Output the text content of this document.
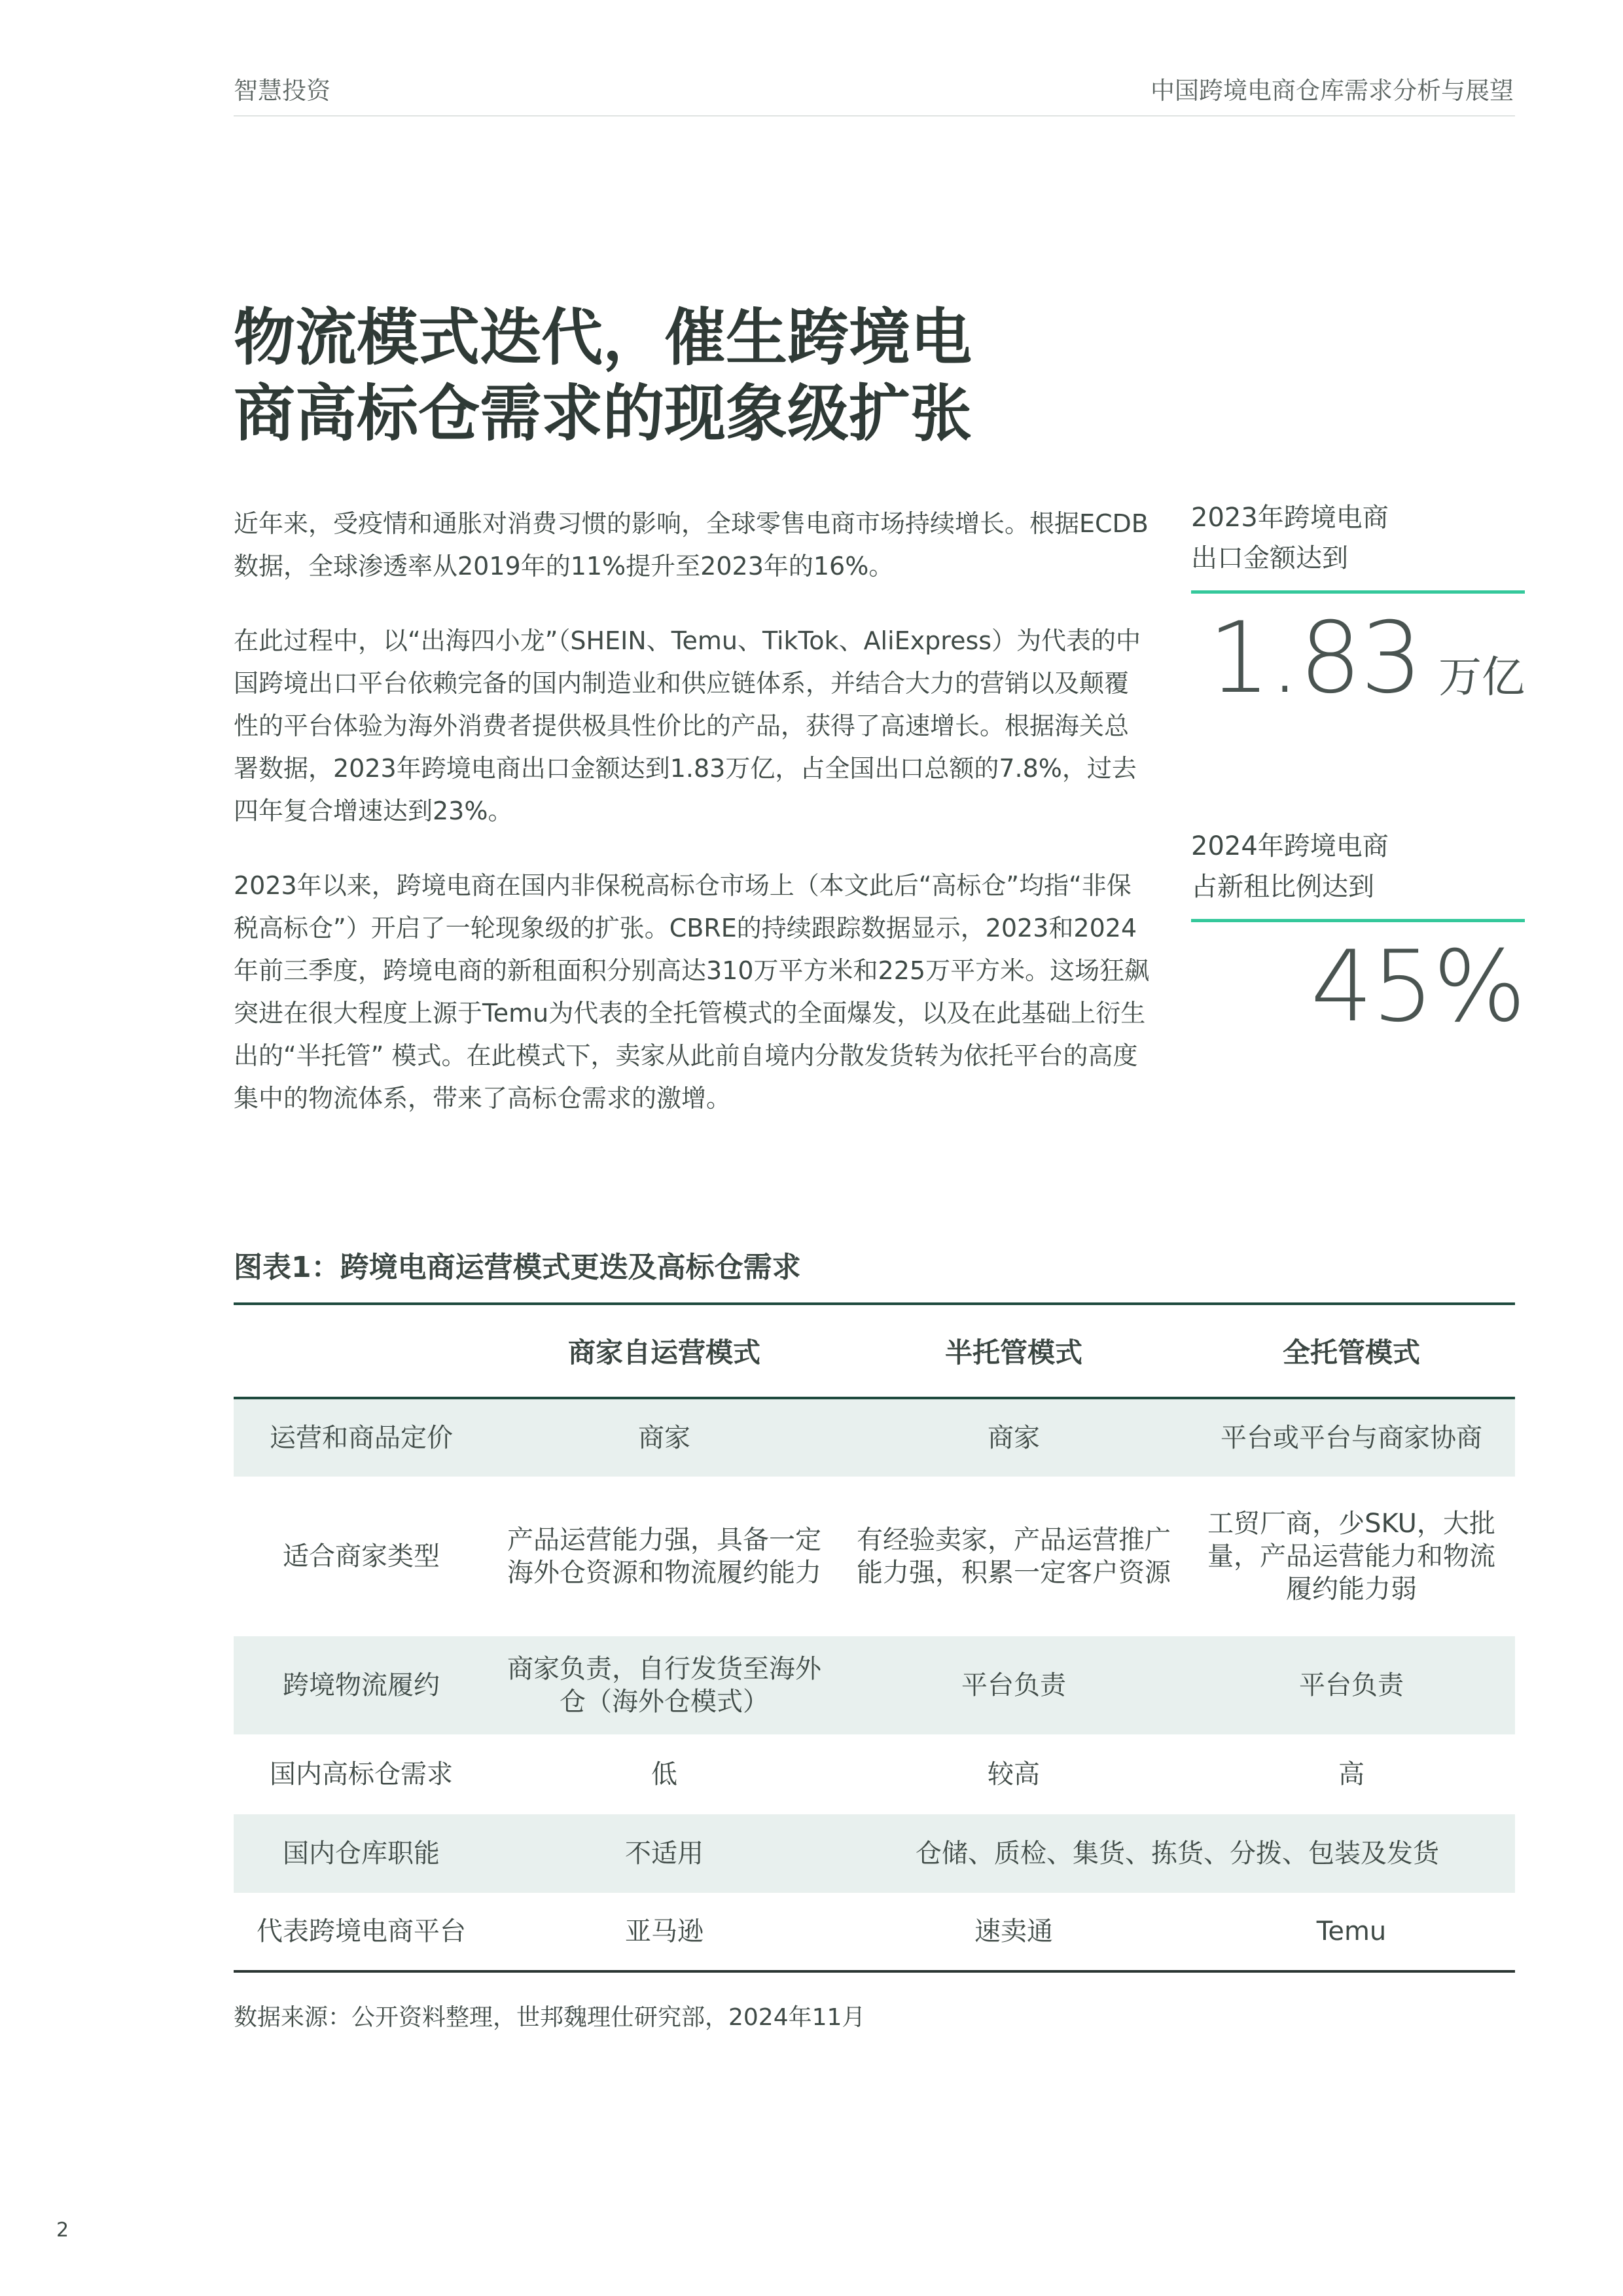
智慧投资	中国跨境电商仓库需求分析与展望
物流模式迭代，催生跨境电
商高标仓需求的现象级扩张

近年来，受疫情和通胀对消费习惯的影响，全球零售电商市场持续增长。根据ECDB数据，全球渗透率从2019年的11%提升至2023年的16%。

在此过程中，以“出海四小龙”（SHEIN、Temu、TikTok、AliExpress）为代表的中国跨境出口平台依赖完备的国内制造业和供应链体系，并结合大力的营销以及颠覆性的平台体验为海外消费者提供极具性价比的产品，获得了高速增长。根据海关总署数据，2023年跨境电商出口金额达到1.83万亿，占全国出口总额的7.8%，过去四年复合增速达到23%。

2023年以来，跨境电商在国内非保税高标仓市场上（本文此后“高标仓”均指“非保税高标仓”）开启了一轮现象级的扩张。CBRE的持续跟踪数据显示，2023和2024年前三季度，跨境电商的新租面积分别高达310万平方米和225万平方米。这场狂飙突进在很大程度上源于Temu为代表的全托管模式的全面爆发，以及在此基础上衍生出的“半托管” 模式。在此模式下，卖家从此前自境内分散发货转为依托平台的高度集中的物流体系，带来了高标仓需求的激增。

2023年跨境电商
出口金额达到
1.83 万亿
2024年跨境电商
占新租比例达到
45%
图表1：跨境电商运营模式更迭及高标仓需求
	商家自运营模式	半托管模式	全托管模式
运营和商品定价	商家	商家	平台或平台与商家协商
适合商家类型	产品运营能力强，具备一定海外仓资源和物流履约能力	有经验卖家，产品运营推广能力强，积累一定客户资源	工贸厂商，少SKU，大批量，产品运营能力和物流履约能力弱
跨境物流履约	商家负责，自行发货至海外仓（海外仓模式）	平台负责	平台负责
国内高标仓需求	低	较高	高
国内仓库职能	不适用	仓储、质检、集货、拣货、分拨、包装及发货	
代表跨境电商平台	亚马逊	速卖通	Temu
数据来源：公开资料整理，世邦魏理仕研究部，2024年11月
2
